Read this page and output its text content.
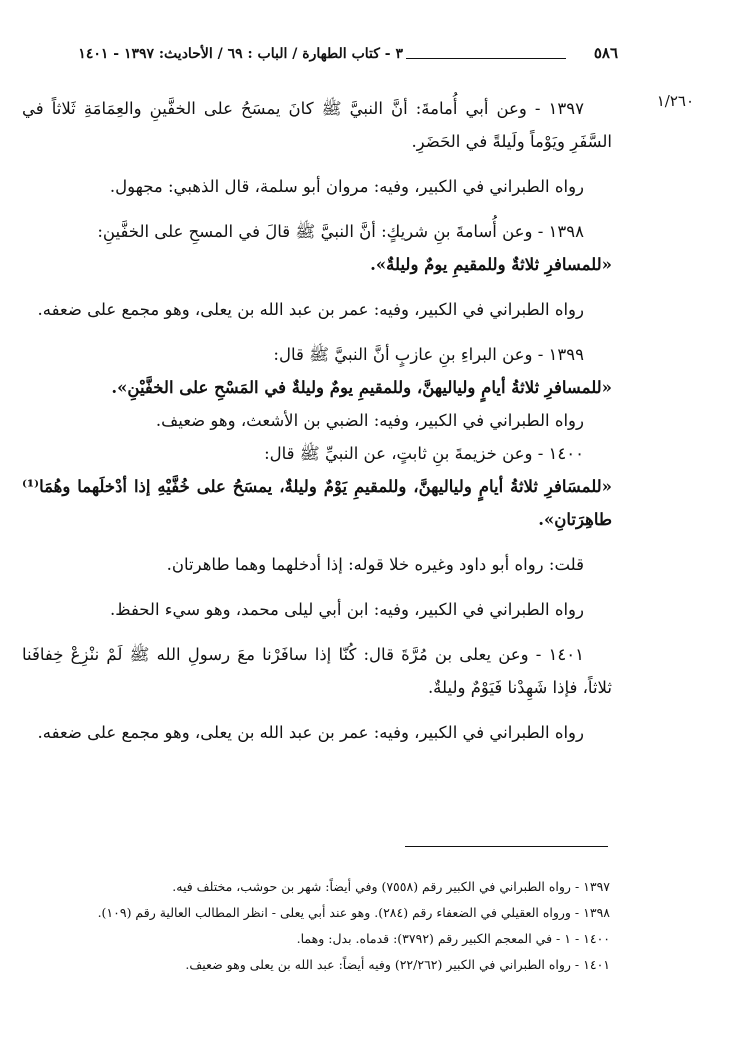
٥٨٦
٣ - كتاب الطهارة / الباب : ٦٩ / الأحاديث: ١٣٩٧ - ١٤٠١
١/٢٦٠

١٣٩٧ - وعن أبي أُمامةَ: أنَّ النبيَّ ﷺ كانَ يمسَحُ على الخفَّينِ والعِمَامَةِ ثَلاثاً في السَّفَرِ ويَوْماً ولَيلةً في الحَضَرِ.

رواه الطبراني في الكبير، وفيه: مروان أبو سلمة، قال الذهبي: مجهول.

١٣٩٨ - وعن أُسامةَ بنِ شريكٍ: أنَّ النبيَّ ﷺ قالَ في المسحِ على الخفَّينِ:

«للمسافرِ ثلاثةٌ وللمقيمِ يومٌ وليلةٌ».

رواه الطبراني في الكبير، وفيه: عمر بن عبد الله بن يعلى، وهو مجمع على ضعفه.

١٣٩٩ - وعن البراءِ بنِ عازبٍ أنَّ النبيَّ ﷺ قال:

«للمسافرِ ثلاثةُ أيامٍ ولياليهنَّ، وللمقيمِ يومٌ وليلةٌ في المَسْحِ على الخفَّيْنِ».

رواه الطبراني في الكبير، وفيه: الضبي بن الأشعث، وهو ضعيف.

١٤٠٠ - وعن خزيمةَ بنِ ثابتٍ، عن النبيِّ ﷺ قال:

«للمسَافرِ ثلاثةُ أيامٍ ولياليهنَّ، وللمقيمِ يَوْمٌ وليلةٌ، يمسَحُ على خُفَّيْهِ إذا أدْخلَهما وهُمَا⁽¹⁾ طاهِرَتانِ».

قلت: رواه أبو داود وغيره خلا قوله: إذا أدخلهما وهما طاهرتان.

رواه الطبراني في الكبير، وفيه: ابن أبي ليلى محمد، وهو سيء الحفظ.

١٤٠١ - وعن يعلى بن مُرَّةَ قال: كُنّا إذا سافَرْنا معَ رسولِ الله ﷺ لَمْ ننْزِعْ خِفافَنا ثلاثاً، فإذا شَهِدْنا فَيَوْمٌ وليلةٌ.

رواه الطبراني في الكبير، وفيه: عمر بن عبد الله بن يعلى، وهو مجمع على ضعفه.

١٣٩٧ - رواه الطبراني في الكبير رقم (٧٥٥٨) وفي أيضاً: شهر بن حوشب، مختلف فيه.
١٣٩٨ - ورواه العقيلي في الضعفاء رقم (٢٨٤). وهو عند أبي يعلى - انظر المطالب العالية رقم (١٠٩).
١٤٠٠ - ١ - في المعجم الكبير رقم (٣٧٩٢): قدماه. بدل: وهما.
١٤٠١ - رواه الطبراني في الكبير (٢٢/٢٦٢) وفيه أيضاً: عبد الله بن يعلى وهو ضعيف.
